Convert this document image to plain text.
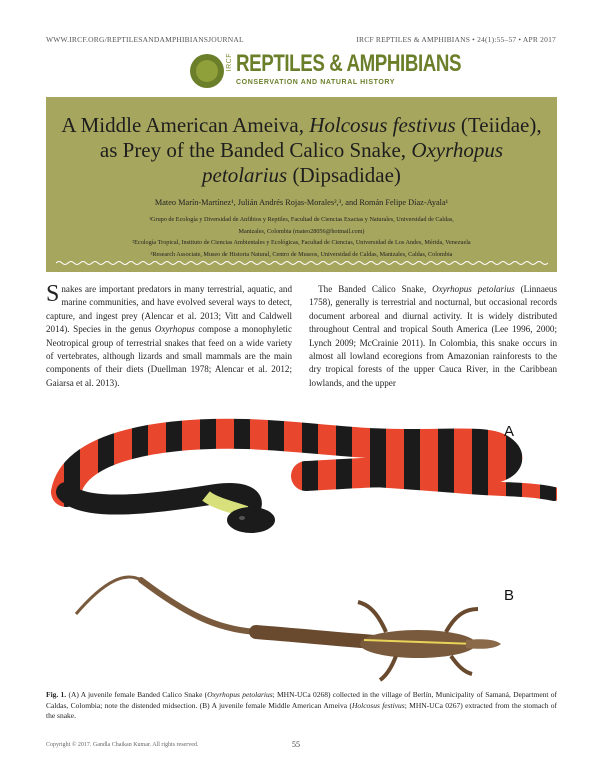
WWW.IRCF.ORG/REPTILESANDAMPHIBIANSJOURNAL	IRCF REPTILES & AMPHIBIANS • 24(1):55–57 • APR 2017
IRCF REPTILES & AMPHIBIANS
CONSERVATION AND NATURAL HISTORY
A Middle American Ameiva, Holcosus festivus (Teiidae), as Prey of the Banded Calico Snake, Oxyrhopus petolarius (Dipsadidae)
Mateo Marín-Martínez¹, Julián Andrés Rojas-Morales²,³, and Román Felipe Díaz-Ayala¹
¹Grupo de Ecología y Diversidad de Anfibios y Reptiles, Facultad de Ciencias Exactas y Naturales, Universidad de Caldas,
Manizales, Colombia (mateo28056@hotmail.com)
²Ecología Tropical, Instituto de Ciencias Ambientales y Ecológicas, Facultad de Ciencias, Universidad de Los Andes, Mérida, Venezuela
³Research Associate, Museo de Historia Natural, Centro de Museos, Universidad de Caldas, Manizales, Caldas, Colombia
Snakes are important predators in many terrestrial, aquatic, and marine communities, and have evolved several ways to detect, capture, and ingest prey (Alencar et al. 2013; Vitt and Caldwell 2014). Species in the genus Oxyrhopus compose a monophyletic Neotropical group of terrestrial snakes that feed on a wide variety of vertebrates, although lizards and small mammals are the main components of their diets (Duellman 1978; Alencar et al. 2012; Gaiarsa et al. 2013).
 The Banded Calico Snake, Oxyrhopus petolarius (Linnaeus 1758), generally is terrestrial and nocturnal, but occasional records document arboreal and diurnal activity. It is widely distributed throughout Central and tropical South America (Lee 1996, 2000; Lynch 2009; McCrainie 2011). In Colombia, this snake occurs in almost all lowland ecoregions from Amazonian rainforests to the dry tropical forests of the upper Cauca River, in the Caribbean lowlands, and the upper
A
B
Fig. 1. (A) A juvenile female Banded Calico Snake (Oxyrhopus petolarius; MHN-UCa 0268) collected in the village of Berlín, Municipality of Samaná, Department of Caldas, Colombia; note the distended midsection. (B) A juvenile female Middle American Ameiva (Holcosus festivus; MHN-UCa 0267) extracted from the stomach of the snake.
Copyright © 2017. Gandla Chaikan Kumar. All rights reserved.	55
